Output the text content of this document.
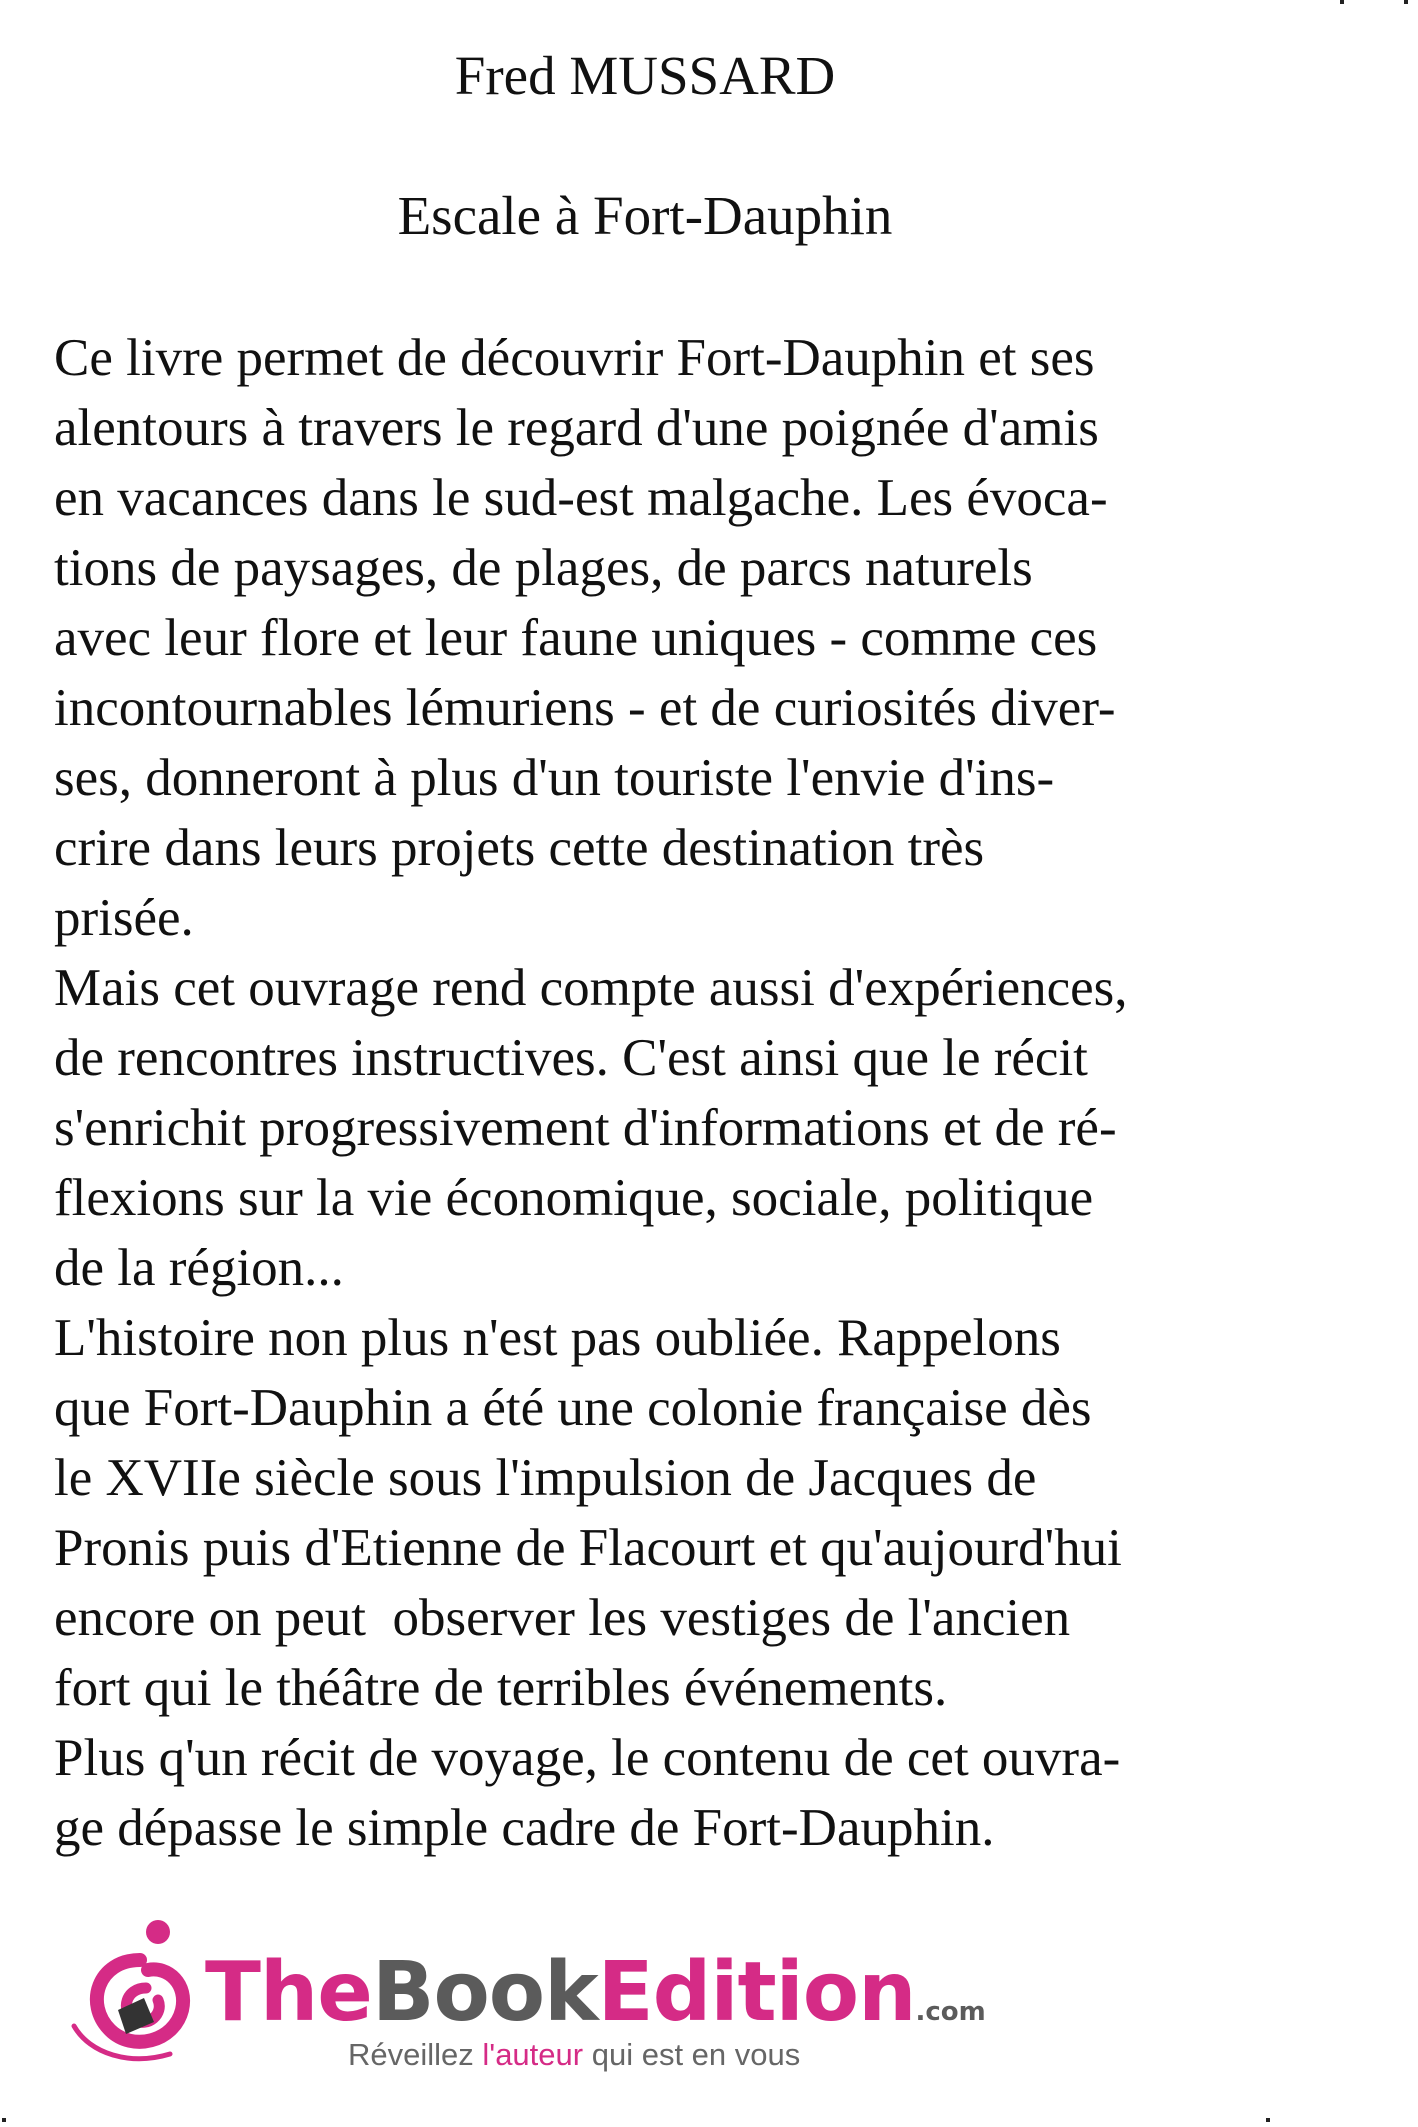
Fred MUSSARD
Escale à Fort-Dauphin
Ce livre permet de découvrir Fort-Dauphin et ses
alentours à travers le regard d'une poignée d'amis
en vacances dans le sud-est malgache. Les évoca-
tions de paysages, de plages, de parcs naturels
avec leur flore et leur faune uniques - comme ces
incontournables lémuriens - et de curiosités diver-
ses, donneront à plus d'un touriste l'envie d'ins-
crire dans leurs projets cette destination très
prisée.
Mais cet ouvrage rend compte aussi d'expériences,
de rencontres instructives. C'est ainsi que le récit
s'enrichit progressivement d'informations et de ré-
flexions sur la vie économique, sociale, politique
de la région...
L'histoire non plus n'est pas oubliée. Rappelons
que Fort-Dauphin a été une colonie française dès
le XVIIe siècle sous l'impulsion de Jacques de
Pronis puis d'Etienne de Flacourt et qu'aujourd'hui
encore on peut  observer les vestiges de l'ancien
fort qui le théâtre de terribles événements.
Plus q'un récit de voyage, le contenu de cet ouvra-
ge dépasse le simple cadre de Fort-Dauphin.
TheBookEdition.com
Réveillez l'auteur qui est en vous
